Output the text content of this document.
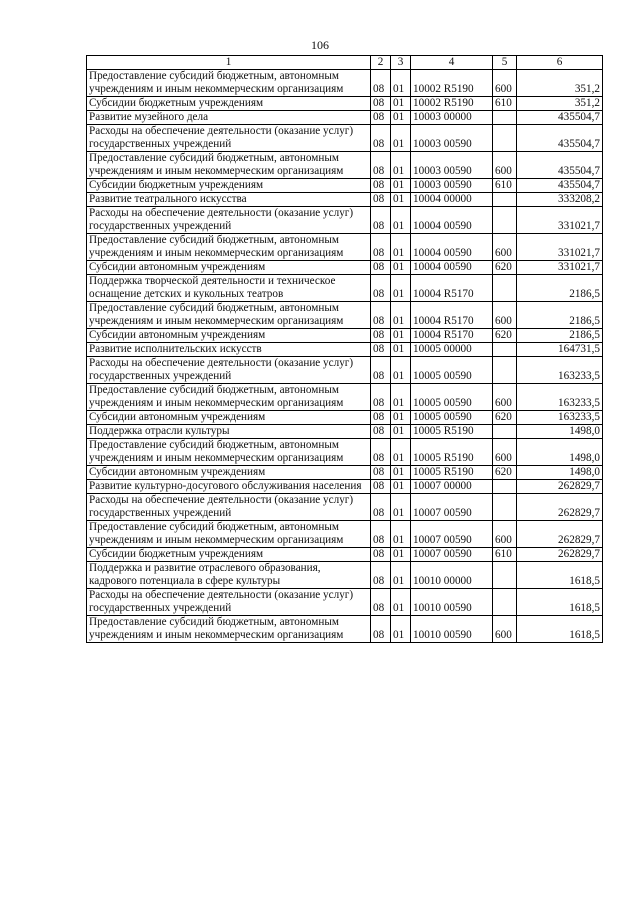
106
1	2	3	4	5	6
Предоставление субсидий бюджетным, автономным учреждениям и иным некоммерческим организациям	08	01	10002 R5190	600	351,2
Субсидии бюджетным учреждениям	08	01	10002 R5190	610	351,2
Развитие музейного дела	08	01	10003 00000		435504,7
Расходы на обеспечение деятельности (оказание услуг) государственных учреждений	08	01	10003 00590		435504,7
Предоставление субсидий бюджетным, автономным учреждениям и иным некоммерческим организациям	08	01	10003 00590	600	435504,7
Субсидии бюджетным учреждениям	08	01	10003 00590	610	435504,7
Развитие театрального искусства	08	01	10004 00000		333208,2
Расходы на обеспечение деятельности (оказание услуг) государственных учреждений	08	01	10004 00590		331021,7
Предоставление субсидий бюджетным, автономным учреждениям и иным некоммерческим организациям	08	01	10004 00590	600	331021,7
Субсидии автономным учреждениям	08	01	10004 00590	620	331021,7
Поддержка творческой деятельности и техническое оснащение детских и кукольных театров	08	01	10004 R5170		2186,5
Предоставление субсидий бюджетным, автономным учреждениям и иным некоммерческим организациям	08	01	10004 R5170	600	2186,5
Субсидии автономным учреждениям	08	01	10004 R5170	620	2186,5
Развитие исполнительских искусств	08	01	10005 00000		164731,5
Расходы на обеспечение деятельности (оказание услуг) государственных учреждений	08	01	10005 00590		163233,5
Предоставление субсидий бюджетным, автономным учреждениям и иным некоммерческим организациям	08	01	10005 00590	600	163233,5
Субсидии автономным учреждениям	08	01	10005 00590	620	163233,5
Поддержка отрасли культуры	08	01	10005 R5190		1498,0
Предоставление субсидий бюджетным, автономным учреждениям и иным некоммерческим организациям	08	01	10005 R5190	600	1498,0
Субсидии автономным учреждениям	08	01	10005 R5190	620	1498,0
Развитие культурно-досугового обслуживания населения	08	01	10007 00000		262829,7
Расходы на обеспечение деятельности (оказание услуг) государственных учреждений	08	01	10007 00590		262829,7
Предоставление субсидий бюджетным, автономным учреждениям и иным некоммерческим организациям	08	01	10007 00590	600	262829,7
Субсидии бюджетным учреждениям	08	01	10007 00590	610	262829,7
Поддержка и развитие отраслевого образования, кадрового потенциала в сфере культуры	08	01	10010 00000		1618,5
Расходы на обеспечение деятельности (оказание услуг) государственных учреждений	08	01	10010 00590		1618,5
Предоставление субсидий бюджетным, автономным учреждениям и иным некоммерческим организациям	08	01	10010 00590	600	1618,5
